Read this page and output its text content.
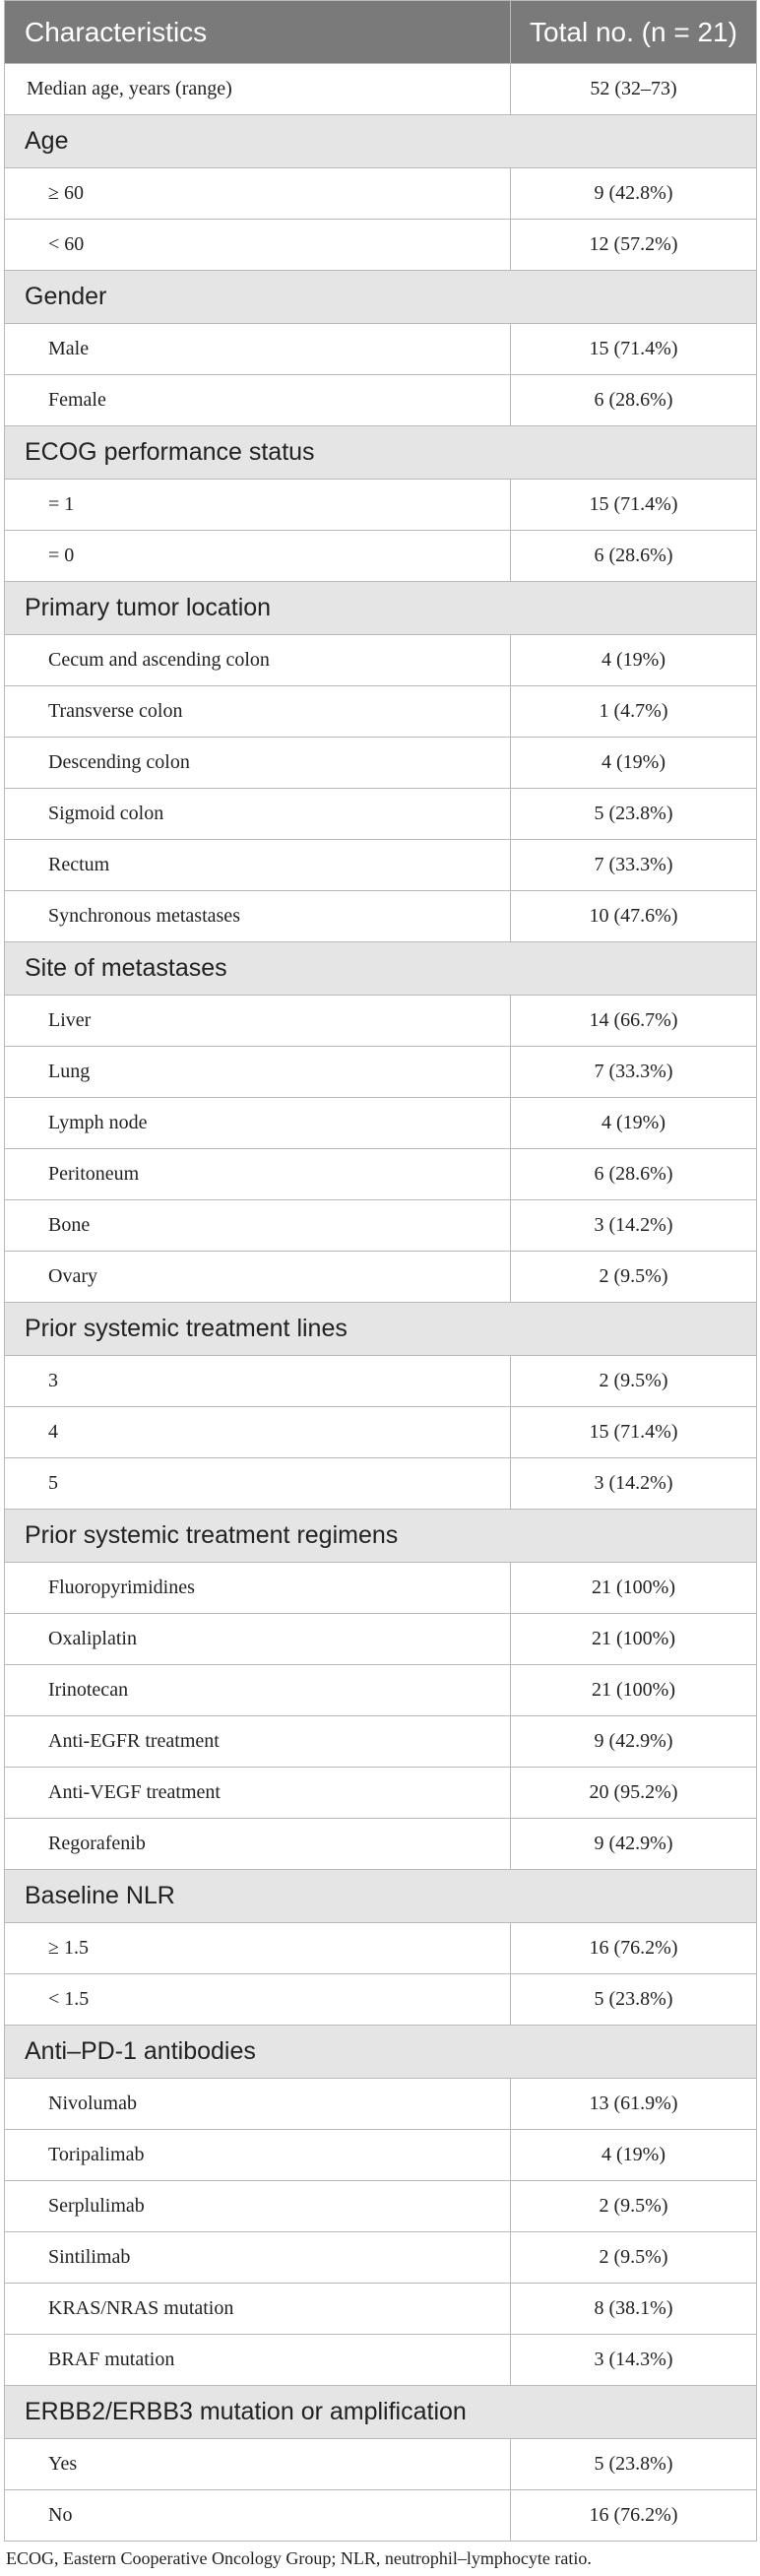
Characteristics	Total no. (n = 21)
Median age, years (range)	52 (32–73)
Age	
≥ 60	9 (42.8%)
< 60	12 (57.2%)
Gender	
Male	15 (71.4%)
Female	6 (28.6%)
ECOG performance status	
= 1	15 (71.4%)
= 0	6 (28.6%)
Primary tumor location	
Cecum and ascending colon	4 (19%)
Transverse colon	1 (4.7%)
Descending colon	4 (19%)
Sigmoid colon	5 (23.8%)
Rectum	7 (33.3%)
Synchronous metastases	10 (47.6%)
Site of metastases	
Liver	14 (66.7%)
Lung	7 (33.3%)
Lymph node	4 (19%)
Peritoneum	6 (28.6%)
Bone	3 (14.2%)
Ovary	2 (9.5%)
Prior systemic treatment lines	
3	2 (9.5%)
4	15 (71.4%)
5	3 (14.2%)
Prior systemic treatment regimens	
Fluoropyrimidines	21 (100%)
Oxaliplatin	21 (100%)
Irinotecan	21 (100%)
Anti-EGFR treatment	9 (42.9%)
Anti-VEGF treatment	20 (95.2%)
Regorafenib	9 (42.9%)
Baseline NLR	
≥ 1.5	16 (76.2%)
< 1.5	5 (23.8%)
Anti–PD-1 antibodies	
Nivolumab	13 (61.9%)
Toripalimab	4 (19%)
Serplulimab	2 (9.5%)
Sintilimab	2 (9.5%)
KRAS/NRAS mutation	8 (38.1%)
BRAF mutation	3 (14.3%)
ERBB2/ERBB3 mutation or amplification	
Yes	5 (23.8%)
No	16 (76.2%)
ECOG, Eastern Cooperative Oncology Group; NLR, neutrophil–lymphocyte ratio.
